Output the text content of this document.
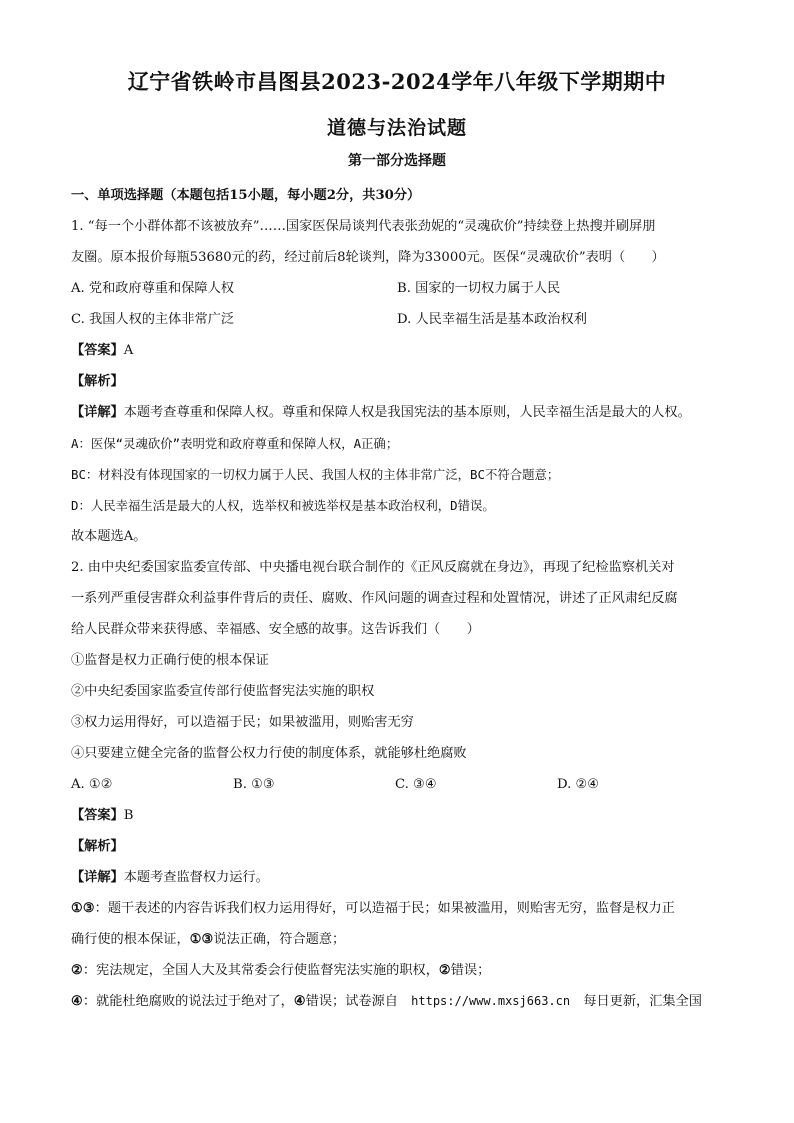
辽宁省铁岭市昌图县2023-2024学年八年级下学期期中
道德与法治试题
第一部分选择题
一、单项选择题（本题包括15小题，每小题2分，共30分）
1. “每一个小群体都不该被放弃”……国家医保局谈判代表张劲妮的“灵魂砍价”持续登上热搜并刷屏朋
友圈。原本报价每瓶53680元的药，经过前后8轮谈判，降为33000元。医保“灵魂砍价”表明（　　）
A. 党和政府尊重和保障人权	B. 国家的一切权力属于人民
C. 我国人权的主体非常广泛	D. 人民幸福生活是基本政治权利
【答案】A
【解析】
【详解】本题考查尊重和保障人权。尊重和保障人权是我国宪法的基本原则，人民幸福生活是最大的人权。
A：医保“灵魂砍价”表明党和政府尊重和保障人权，A正确；
BC：材料没有体现国家的一切权力属于人民、我国人权的主体非常广泛，BC不符合题意；
D：人民幸福生活是最大的人权，选举权和被选举权是基本政治权利，D错误。
故本题选A。
2. 由中央纪委国家监委宣传部、中央播电视台联合制作的《正风反腐就在身边》，再现了纪检监察机关对
一系列严重侵害群众利益事件背后的责任、腐败、作风问题的调查过程和处置情况，讲述了正风肃纪反腐
给人民群众带来获得感、幸福感、安全感的故事。这告诉我们（　　）
①监督是权力正确行使的根本保证
②中央纪委国家监委宣传部行使监督宪法实施的职权
③权力运用得好，可以造福于民；如果被滥用，则贻害无穷
④只要建立健全完备的监督公权力行使的制度体系，就能够杜绝腐败
A. ①②	B. ①③	C. ③④	D. ②④
【答案】B
【解析】
【详解】本题考查监督权力运行。
①③：题干表述的内容告诉我们权力运用得好，可以造福于民；如果被滥用，则贻害无穷，监督是权力正
确行使的根本保证，①③说法正确，符合题意；
②：宪法规定，全国人大及其常委会行使监督宪法实施的职权，②错误；
④：就能杜绝腐败的说法过于绝对了，④错误；试卷源自　https://www.mxsj663.cn　每日更新，汇集全国
